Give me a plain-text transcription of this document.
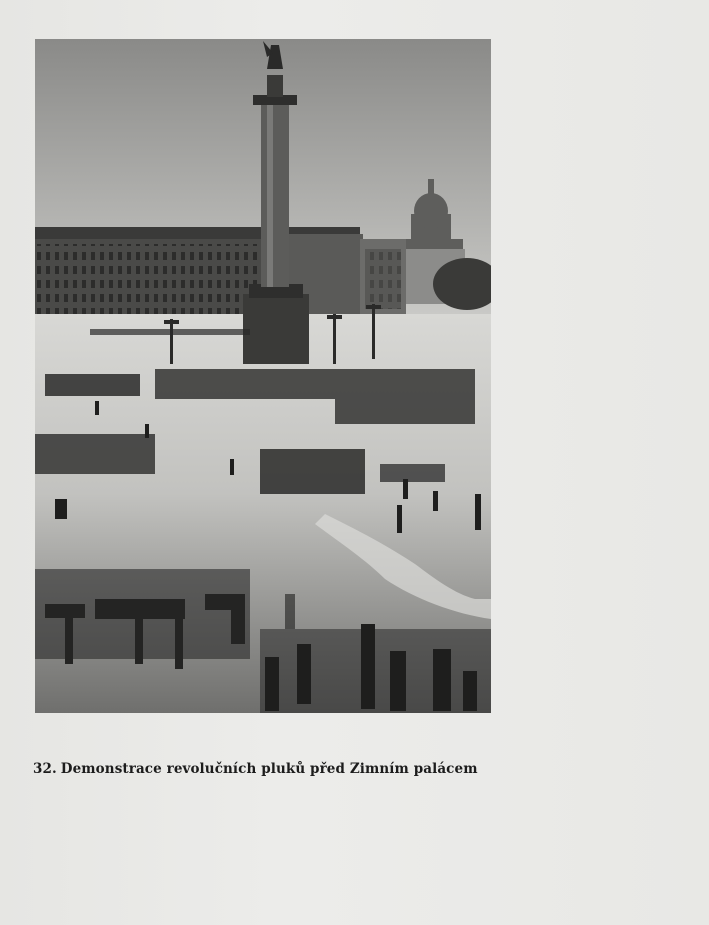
32. Demonstrace revolučních pluků před Zimním palácem
